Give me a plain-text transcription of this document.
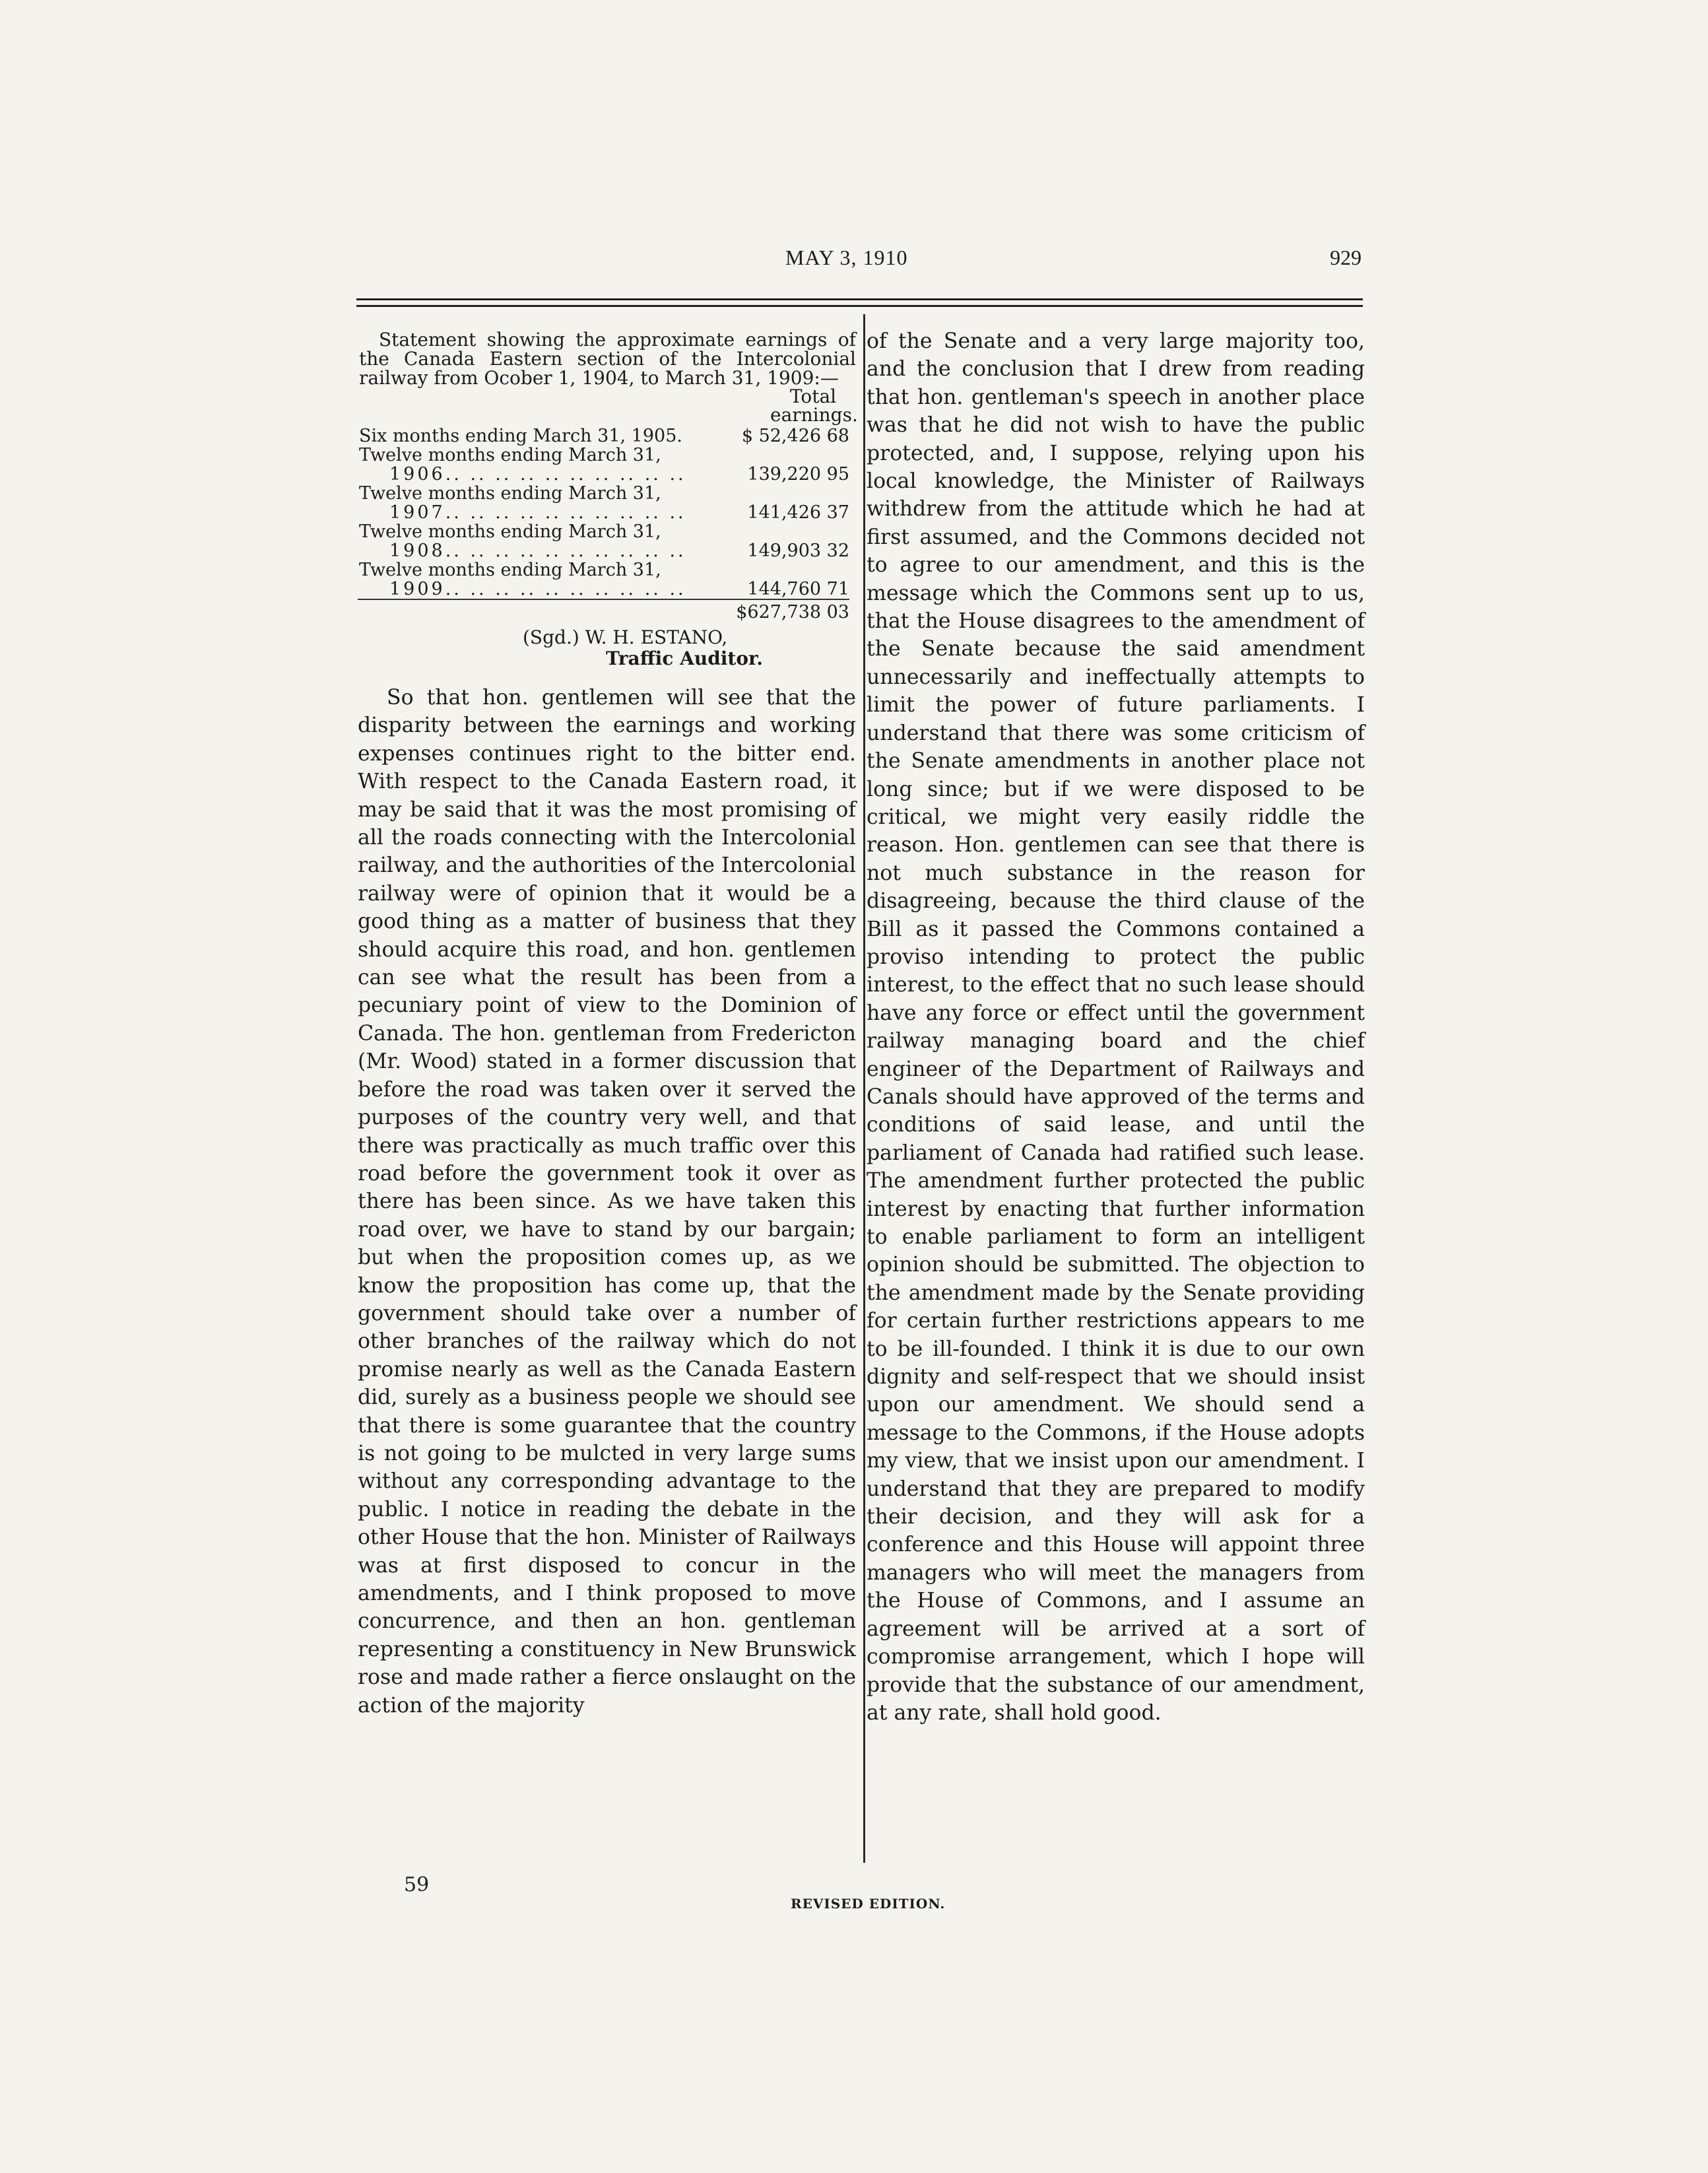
MAY 3, 1910	929

Statement showing the approximate earnings of the Canada Eastern section of the Intercolonial railway from Ocober 1, 1904, to March 31, 1909:—

Total earnings.
Six months ending March 31, 1905.	$ 52,426 68
Twelve months ending March 31,	
1906.. .. .. .. .. .. .. .. .. ..	139,220 95
Twelve months ending March 31,	
1907.. .. .. .. .. .. .. .. .. ..	141,426 37
Twelve months ending March 31,	
1908.. .. .. .. .. .. .. .. .. ..	149,903 32
Twelve months ending March 31,	
1909.. .. .. .. .. .. .. .. .. ..	144,760 71
	$627,738 03
(Sgd.) W. H. ESTANO,
Traffic Auditor.

So that hon. gentlemen will see that the disparity between the earnings and working expenses continues right to the bitter end. With respect to the Canada Eastern road, it may be said that it was the most promising of all the roads connecting with the Intercolonial railway, and the authorities of the Intercolonial railway were of opinion that it would be a good thing as a matter of business that they should acquire this road, and hon. gentlemen can see what the result has been from a pecuniary point of view to the Dominion of Canada. The hon. gentleman from Fredericton (Mr. Wood) stated in a former discussion that before the road was taken over it served the purposes of the country very well, and that there was practically as much traffic over this road before the government took it over as there has been since. As we have taken this road over, we have to stand by our bargain; but when the proposition comes up, as we know the proposition has come up, that the government should take over a number of other branches of the railway which do not promise nearly as well as the Canada Eastern did, surely as a business people we should see that there is some guarantee that the country is not going to be mulcted in very large sums without any corresponding advantage to the public. I notice in reading the debate in the other House that the hon. Minister of Railways was at first disposed to concur in the amendments, and I think proposed to move concurrence, and then an hon. gentleman representing a constituency in New Brunswick rose and made rather a fierce onslaught on the action of the majority

of the Senate and a very large majority too, and the conclusion that I drew from reading that hon. gentleman's speech in another place was that he did not wish to have the public protected, and, I suppose, relying upon his local knowledge, the Minister of Railways withdrew from the attitude which he had at first assumed, and the Commons decided not to agree to our amendment, and this is the message which the Commons sent up to us, that the House disagrees to the amendment of the Senate because the said amendment unnecessarily and ineffectually attempts to limit the power of future parliaments. I understand that there was some criticism of the Senate amendments in another place not long since; but if we were disposed to be critical, we might very easily riddle the reason. Hon. gentlemen can see that there is not much substance in the reason for disagreeing, because the third clause of the Bill as it passed the Commons contained a proviso intending to protect the public interest, to the effect that no such lease should have any force or effect until the government railway managing board and the chief engineer of the Department of Railways and Canals should have approved of the terms and conditions of said lease, and until the parliament of Canada had ratified such lease. The amendment further protected the public interest by enacting that further information to enable parliament to form an intelligent opinion should be submitted. The objection to the amendment made by the Senate providing for certain further restrictions appears to me to be ill-founded. I think it is due to our own dignity and self-respect that we should insist upon our amendment. We should send a message to the Commons, if the House adopts my view, that we insist upon our amendment. I understand that they are prepared to modify their decision, and they will ask for a conference and this House will appoint three managers who will meet the managers from the House of Commons, and I assume an agreement will be arrived at a sort of compromise arrangement, which I hope will provide that the substance of our amendment, at any rate, shall hold good.

59
REVISED EDITION.
